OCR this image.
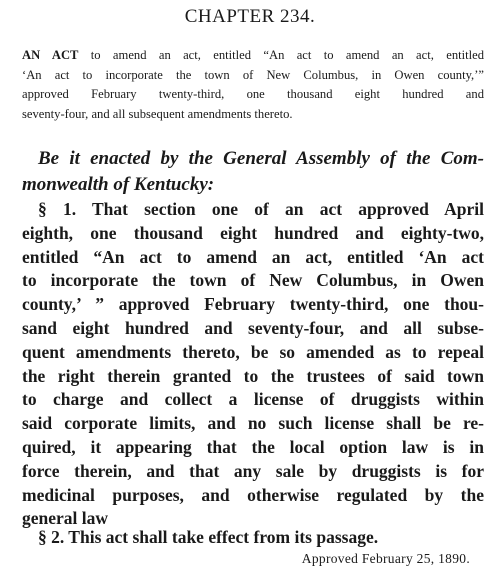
CHAPTER 234.
AN ACT to amend an act, entitled “An act to amend an act, entitled
‘An act to incorporate the town of New Columbus, in Owen county,’”
approved February twenty-third, one thousand eight hundred and
seventy-four, and all subsequent amendments thereto.
Be it enacted by the General Assembly of the Com-
monwealth of Kentucky:
§ 1. That section one of an act approved April
eighth, one thousand eight hundred and eighty-two,
entitled “An act to amend an act, entitled ‘An act
to incorporate the town of New Columbus, in Owen
county,’ ” approved February twenty-third, one thou-
sand eight hundred and seventy-four, and all subse-
quent amendments thereto, be so amended as to repeal
the right therein granted to the trustees of said town
to charge and collect a license of druggists within
said corporate limits, and no such license shall be re-
quired, it appearing that the local option law is in
force therein, and that any sale by druggists is for
medicinal purposes, and otherwise regulated by the
general law
§ 2. This act shall take effect from its passage.
Approved February 25, 1890.
